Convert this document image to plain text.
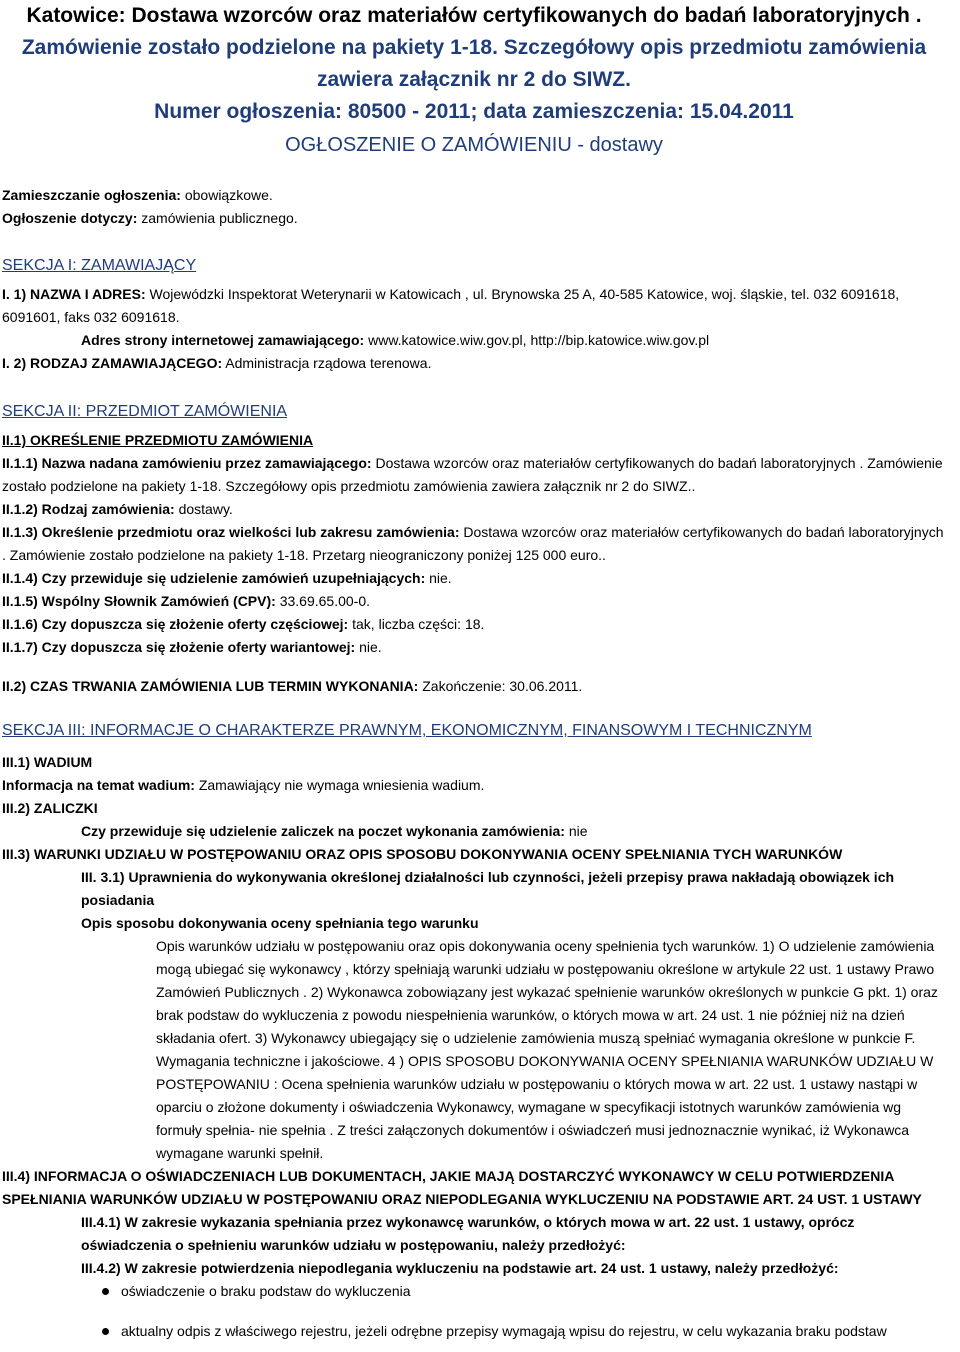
Katowice: Dostawa wzorców oraz materiałów certyfikowanych do badań laboratoryjnych .
Zamówienie zostało podzielone na pakiety 1-18. Szczegółowy opis przedmiotu zamówienia
zawiera załącznik nr 2 do SIWZ.
Numer ogłoszenia: 80500 - 2011; data zamieszczenia: 15.04.2011
OGŁOSZENIE O ZAMÓWIENIU - dostawy

Zamieszczanie ogłoszenia: obowiązkowe.

Ogłoszenie dotyczy: zamówienia publicznego.

SEKCJA I: ZAMAWIAJĄCY

I. 1) NAZWA I ADRES: Wojewódzki Inspektorat Weterynarii w Katowicach , ul. Brynowska 25 A, 40-585 Katowice, woj. śląskie, tel. 032 6091618, 6091601, faks 032 6091618.

Adres strony internetowej zamawiającego: www.katowice.wiw.gov.pl, http://bip.katowice.wiw.gov.pl

I. 2) RODZAJ ZAMAWIAJĄCEGO: Administracja rządowa terenowa.

SEKCJA II: PRZEDMIOT ZAMÓWIENIA

II.1) OKREŚLENIE PRZEDMIOTU ZAMÓWIENIA

II.1.1) Nazwa nadana zamówieniu przez zamawiającego: Dostawa wzorców oraz materiałów certyfikowanych do badań laboratoryjnych . Zamówienie zostało podzielone na pakiety 1-18. Szczegółowy opis przedmiotu zamówienia zawiera załącznik nr 2 do SIWZ..

II.1.2) Rodzaj zamówienia: dostawy.

II.1.3) Określenie przedmiotu oraz wielkości lub zakresu zamówienia: Dostawa wzorców oraz materiałów certyfikowanych do badań laboratoryjnych . Zamówienie zostało podzielone na pakiety 1-18. Przetarg nieograniczony poniżej 125 000 euro..

II.1.4) Czy przewiduje się udzielenie zamówień uzupełniających: nie.

II.1.5) Wspólny Słownik Zamówień (CPV): 33.69.65.00-0.

II.1.6) Czy dopuszcza się złożenie oferty częściowej: tak, liczba części: 18.

II.1.7) Czy dopuszcza się złożenie oferty wariantowej: nie.

II.2) CZAS TRWANIA ZAMÓWIENIA LUB TERMIN WYKONANIA: Zakończenie: 30.06.2011.

SEKCJA III: INFORMACJE O CHARAKTERZE PRAWNYM, EKONOMICZNYM, FINANSOWYM I TECHNICZNYM

III.1) WADIUM

Informacja na temat wadium: Zamawiający nie wymaga wniesienia wadium.

III.2) ZALICZKI

Czy przewiduje się udzielenie zaliczek na poczet wykonania zamówienia: nie

III.3) WARUNKI UDZIAŁU W POSTĘPOWANIU ORAZ OPIS SPOSOBU DOKONYWANIA OCENY SPEŁNIANIA TYCH WARUNKÓW

III. 3.1) Uprawnienia do wykonywania określonej działalności lub czynności, jeżeli przepisy prawa nakładają obowiązek ich posiadania

Opis sposobu dokonywania oceny spełniania tego warunku

Opis warunków udziału w postępowaniu oraz opis dokonywania oceny spełnienia tych warunków. 1) O udzielenie zamówienia mogą ubiegać się wykonawcy , którzy spełniają warunki udziału w postępowaniu określone w artykule 22 ust. 1 ustawy Prawo Zamówień Publicznych . 2) Wykonawca zobowiązany jest wykazać spełnienie warunków określonych w punkcie G pkt. 1) oraz brak podstaw do wykluczenia z powodu niespełnienia warunków, o których mowa w art. 24 ust. 1 nie później niż na dzień składania ofert. 3) Wykonawcy ubiegający się o udzielenie zamówienia muszą spełniać wymagania określone w punkcie F. Wymagania techniczne i jakościowe. 4 ) OPIS SPOSOBU DOKONYWANIA OCENY SPEŁNIANIA WARUNKÓW UDZIAŁU W POSTĘPOWANIU : Ocena spełnienia warunków udziału w postępowaniu o których mowa w art. 22 ust. 1 ustawy nastąpi w oparciu o złożone dokumenty i oświadczenia Wykonawcy, wymagane w specyfikacji istotnych warunków zamówienia wg formuły spełnia- nie spełnia . Z treści załączonych dokumentów i oświadczeń musi jednoznacznie wynikać, iż Wykonawca wymagane warunki spełnił.

III.4) INFORMACJA O OŚWIADCZENIACH LUB DOKUMENTACH, JAKIE MAJĄ DOSTARCZYĆ WYKONAWCY W CELU POTWIERDZENIA SPEŁNIANIA WARUNKÓW UDZIAŁU W POSTĘPOWANIU ORAZ NIEPODLEGANIA WYKLUCZENIU NA PODSTAWIE ART. 24 UST. 1 USTAWY

III.4.1) W zakresie wykazania spełniania przez wykonawcę warunków, o których mowa w art. 22 ust. 1 ustawy, oprócz oświadczenia o spełnieniu warunków udziału w postępowaniu, należy przedłożyć:

III.4.2) W zakresie potwierdzenia niepodlegania wykluczeniu na podstawie art. 24 ust. 1 ustawy, należy przedłożyć:

oświadczenie o braku podstaw do wykluczenia
aktualny odpis z właściwego rejestru, jeżeli odrębne przepisy wymagają wpisu do rejestru, w celu wykazania braku podstaw
